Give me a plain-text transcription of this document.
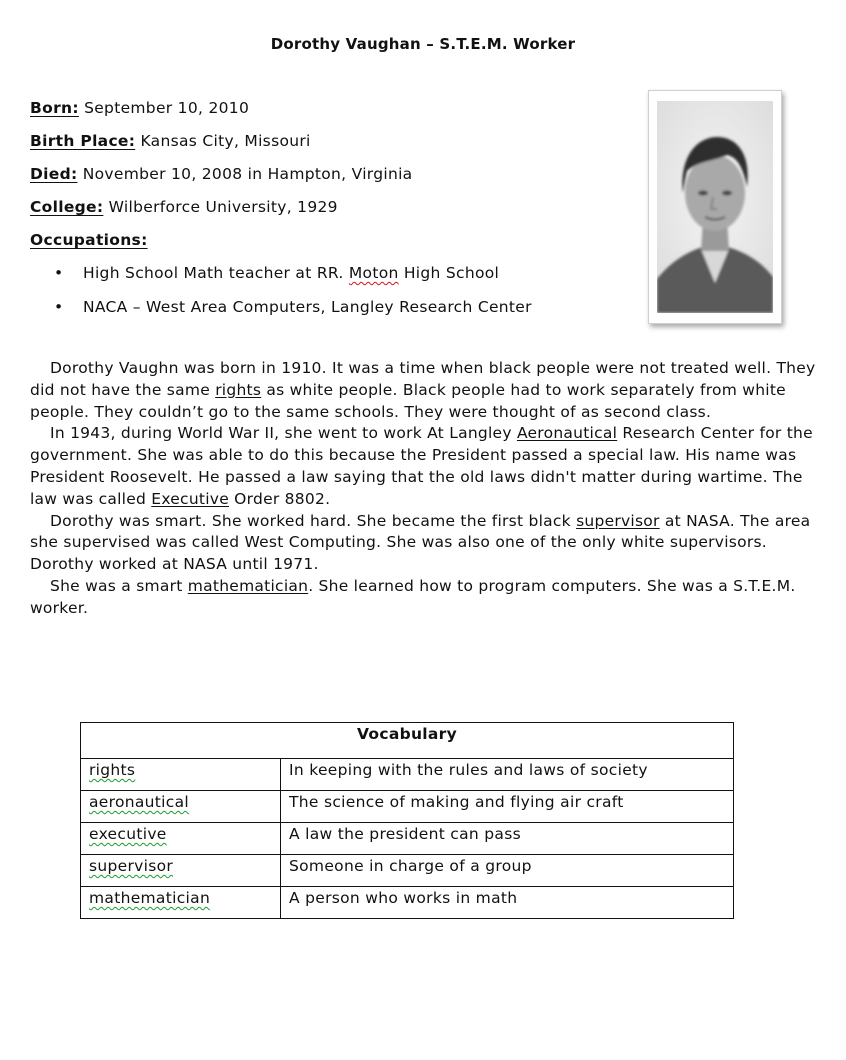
Dorothy Vaughan – S.T.E.M. Worker
Born: September 10, 2010
Birth Place: Kansas City, Missouri
Died: November 10, 2008 in Hampton, Virginia
College: Wilberforce University, 1929
Occupations:
• High School Math teacher at RR. Moton High School
• NACA – West Area Computers, Langley Research Center

Dorothy Vaughn was born in 1910. It was a time when black people were not treated well. They did not have the same rights as white people. Black people had to work separately from white people. They couldn’t go to the same schools. They were thought of as second class.

In 1943, during World War II, she went to work At Langley Aeronautical Research Center for the government. She was able to do this because the President passed a special law. His name was President Roosevelt. He passed a law saying that the old laws didn't matter during wartime. The law was called Executive Order 8802.

Dorothy was smart. She worked hard. She became the first black supervisor at NASA. The area she supervised was called West Computing. She was also one of the only white supervisors. Dorothy worked at NASA until 1971.

She was a smart mathematician. She learned how to program computers. She was a S.T.E.M. worker.

Vocabulary	
rights	In keeping with the rules and laws of society
aeronautical	The science of making and flying air craft
executive	A law the president can pass
supervisor	Someone in charge of a group
mathematician	A person who works in math
